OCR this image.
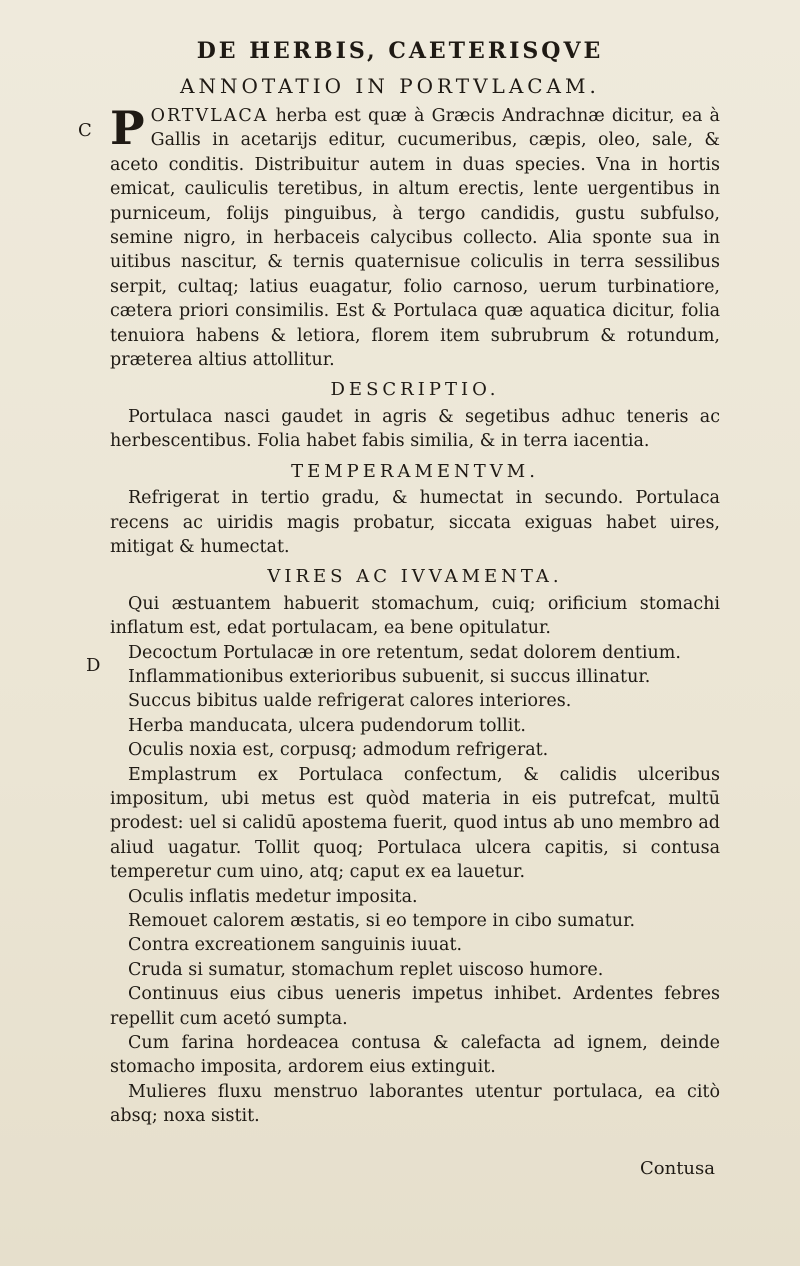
DE HERBIS, CAETERISQVE
ANNOTATIO IN PORTVLACAM.
C
D

P ORTVLACA herba est quæ à Græcis Andrachnæ dicitur, ea à Gallis in acetarijs editur, cucumeribus, cæpis, oleo, sale, & aceto conditis. Distribuitur autem in duas species. Vna in hortis emicat, cauliculis teretibus, in altum erectis, lente uergentibus in purniceum, folijs pinguibus, à tergo candidis, gustu subfulso, semine nigro, in herbaceis calycibus collecto. Alia sponte sua in uitibus nascitur, & ternis quaternisue coliculis in terra sessilibus serpit, cultaq; latius euagatur, folio carnoso, uerum turbinatiore, cætera priori consimilis. Est & Portulaca quæ aquatica dicitur, folia tenuiora habens & letiora, florem item subrubrum & rotundum, prætereа altius attollitur.

DESCRIPTIO.

Portulaca nasci gaudet in agris & segetibus adhuc teneris ac herbescentibus. Folia habet fabis similia, & in terra iacentia.

TEMPERAMENTVM.

Refrigerat in tertio gradu, & humectat in secundo. Portulaca recens ac uiridis magis probatur, siccata exiguas habet uires, mitigat & humectat.

VIRES AC IVVAMENTA.

Qui æstuantem habuerit stomachum, cuiq; orificium stomachi inflatum est, edat portulacam, ea bene opitulatur.

Decoctum Portulacæ in ore retentum, sedat dolorem dentium.

Inflammationibus exterioribus subuenit, si succus illinatur.

Succus bibitus ualde refrigerat calores interiores.

Herba manducata, ulcera pudendorum tollit.

Oculis noxia est, corpusq; admodum refrigerat.

Emplastrum ex Portulaca confectum, & calidis ulceribus impositum, ubi metus est quòd materia in eis putrefcat, multū prodest: uel si calidū apostemа fuerit, quod intus ab uno membro ad aliud uagatur. Tollit quoq; Portulaca ulcera capitis, si contusa temperetur cum uino, atq; caput ex ea lauetur.

Oculis inflatis medetur imposita.

Remouet calorem æstatis, si eo tempore in cibo sumatur.

Contra excreationem sanguinis iuuat.

Cruda si sumatur, stomachum replet uiscoso humore.

Continuus eius cibus ueneris impetus inhibet. Ardentes febres repellit cum acetó sumpta.

Cum farina hordeacea contusa & calefacta ad ignem, deinde stomacho imposita, ardorem eius extinguit.

Mulieres fluxu menstruo laborantes utentur portulaca, ea citò absq; noxa sistit.

Contusa
